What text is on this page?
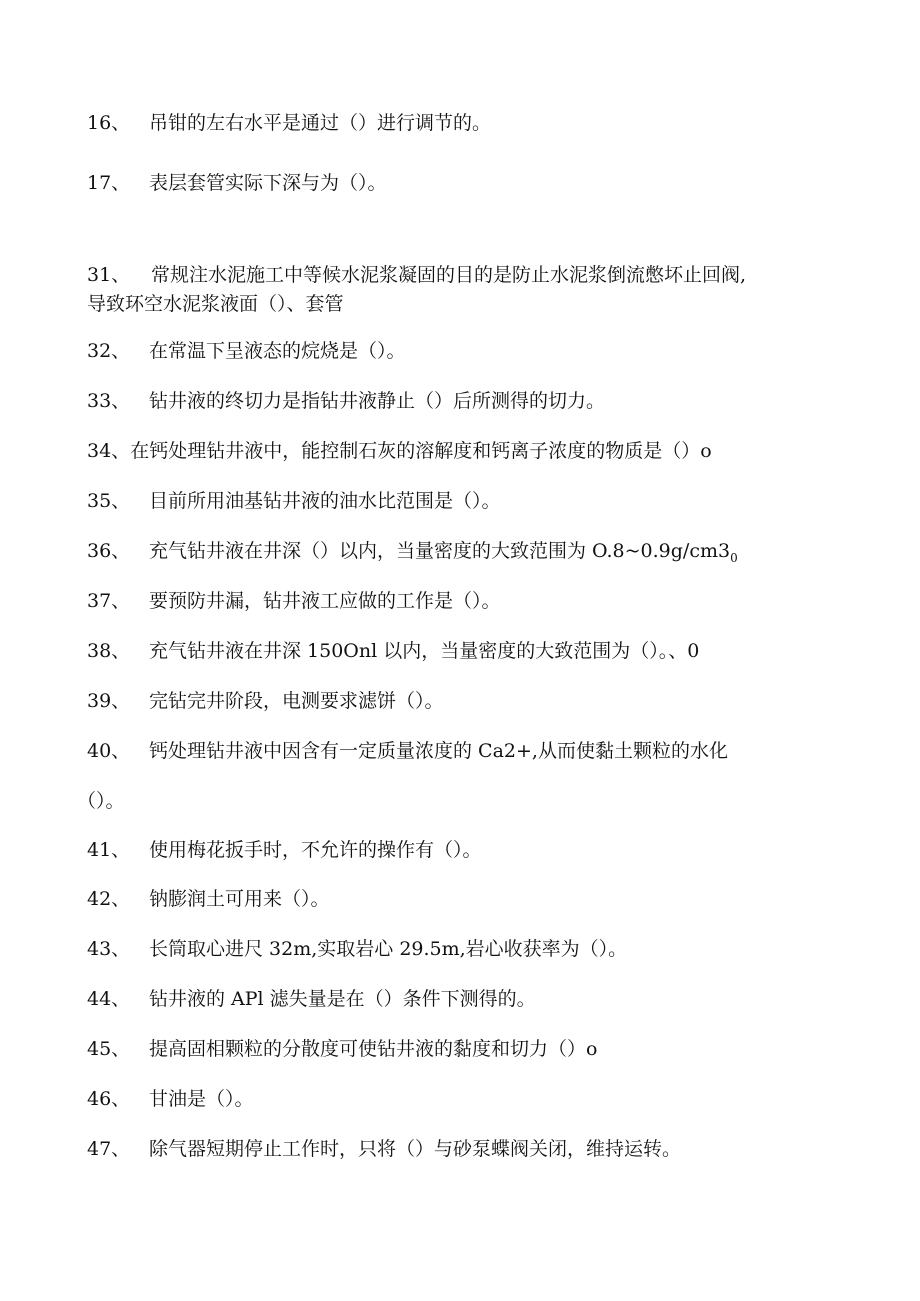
16、 吊钳的左右水平是通过（）进行调节的。
17、 表层套管实际下深与为（）。
31、 常规注水泥施工中等候水泥浆凝固的目的是防止水泥浆倒流憋坏止回阀,
导致环空水泥浆液面（）、套管
32、 在常温下呈液态的烷烧是（）。
33、 钻井液的终切力是指钻井液静止（）后所测得的切力。
34、在钙处理钻井液中，能控制石灰的溶解度和钙离子浓度的物质是（）o
35、 目前所用油基钻井液的油水比范围是（）。
36、 充气钻井液在井深（）以内，当量密度的大致范围为 $O.8\sim 0.9g∕cm3_0$
37、 要预防井漏，钻井液工应做的工作是（）。
38、 充气钻井液在井深 150Onl 以内，当量密度的大致范围为（）。、0
39、 完钻完井阶段，电测要求滤饼（）。
40、 钙处理钻井液中因含有一定质量浓度的 Ca2+,从而使黏土颗粒的水化
（）。
41、 使用梅花扳手时，不允许的操作有（）。
42、 钠膨润土可用来（）。
43、 长筒取心进尺 32m,实取岩心 29.5m,岩心收获率为（）。
44、 钻井液的 APl 滤失量是在（）条件下测得的。
45、 提高固相颗粒的分散度可使钻井液的黏度和切力（）o
46、 甘油是（）。
47、 除气器短期停止工作时，只将（）与砂泵蝶阀关闭，维持运转。
